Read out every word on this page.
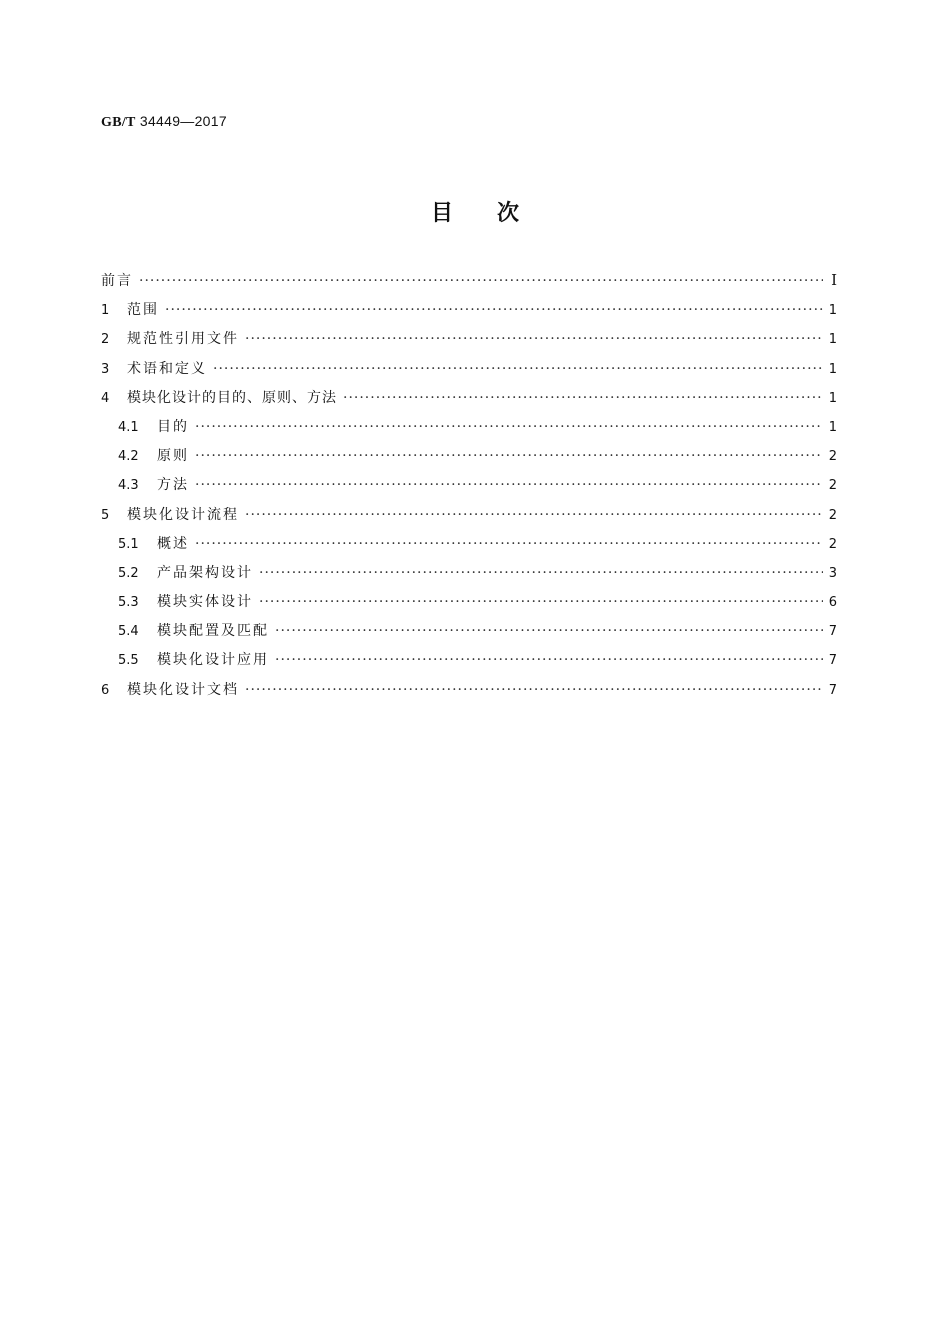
GB/T 34449—2017
目次
前言 ·····	Ⅰ
1	范围 ·····	1
2	规范性引用文件 ·····	1
3	术语和定义 ·····	1
4	模块化设计的目的、原则、方法 ·····	1
4.1	目的 ·····	1
4.2	原则 ·····	2
4.3	方法 ·····	2
5	模块化设计流程 ·····	2
5.1	概述 ·····	2
5.2	产品架构设计 ·····	3
5.3	模块实体设计 ·····	6
5.4	模块配置及匹配 ·····	7
5.5	模块化设计应用 ·····	7
6	模块化设计文档 ·····	7
